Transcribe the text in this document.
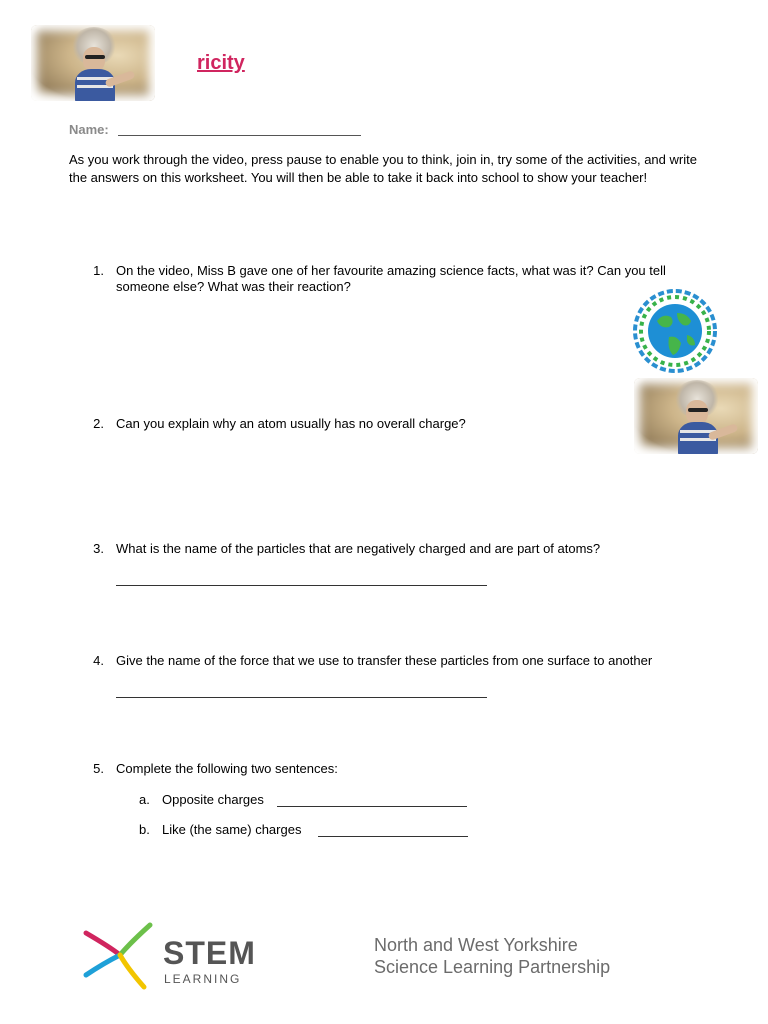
ricity
Name:
As you work through the video, press pause to enable you to think, join in, try some of the activities, and write the answers on this worksheet. You will then be able to take it back into school to show your teacher!
1. On the video, Miss B gave one of her favourite amazing science facts, what was it? Can you tell someone else? What was their reaction?
2. Can you explain why an atom usually has no overall charge?
3. What is the name of the particles that are negatively charged and are part of atoms?
4. Give the name of the force that we use to transfer these particles from one surface to another
5. Complete the following two sentences:
a. Opposite charges
b. Like (the same) charges
STEM
LEARNING
North and West Yorkshire
Science Learning Partnership
